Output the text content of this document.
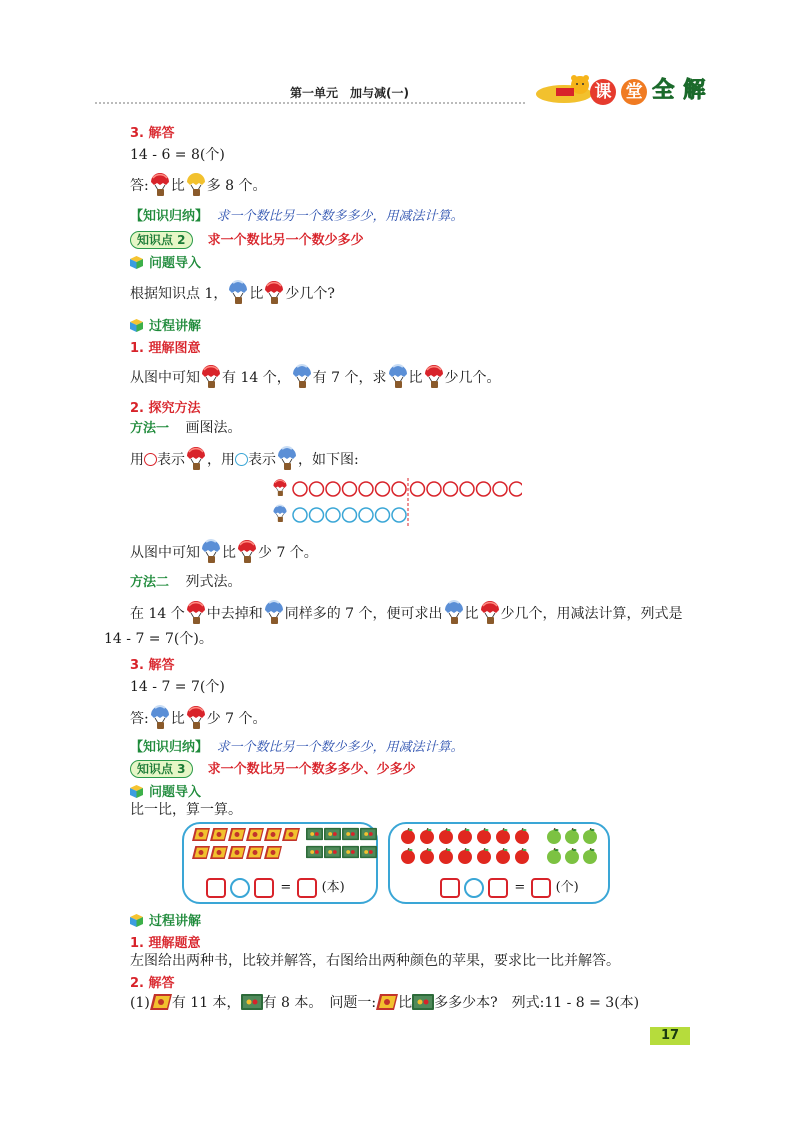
第一单元　加与减(一)	课 堂 全 解
3. 解答
14 - 6 = 8(个)
答: 比 多 8 个。
【知识归纳】 求一个数比另一个数多多少，用减法计算。
知识点 2 求一个数比另一个数少多少
问题导入
根据知识点 1， 比 少几个?
过程讲解
1. 理解图意
从图中可知 有 14 个， 有 7 个，求 比 少几个。
2. 探究方法
方法一 画图法。
用 表示 ，用 表示 ，如下图:
从图中可知 比 少 7 个。
方法二 列式法。
在 14 个 中去掉和 同样多的 7 个，便可求出 比 少几个，用减法计算，列式是
14 - 7 = 7(个)。
3. 解答
14 - 7 = 7(个)
答: 比 少 7 个。
【知识归纳】 求一个数比另一个数少多少，用减法计算。
知识点 3 求一个数比另一个数多多少、少多少
问题导入
比一比，算一算。
= (本)	= (个)
过程讲解
1. 理解题意
左图给出两种书，比较并解答，右图给出两种颜色的苹果，要求比一比并解答。
2. 解答
(1) 有 11 本， 有 8 本。　问题一: 比 多多少本?　列式:11 - 8 = 3(本)
17
